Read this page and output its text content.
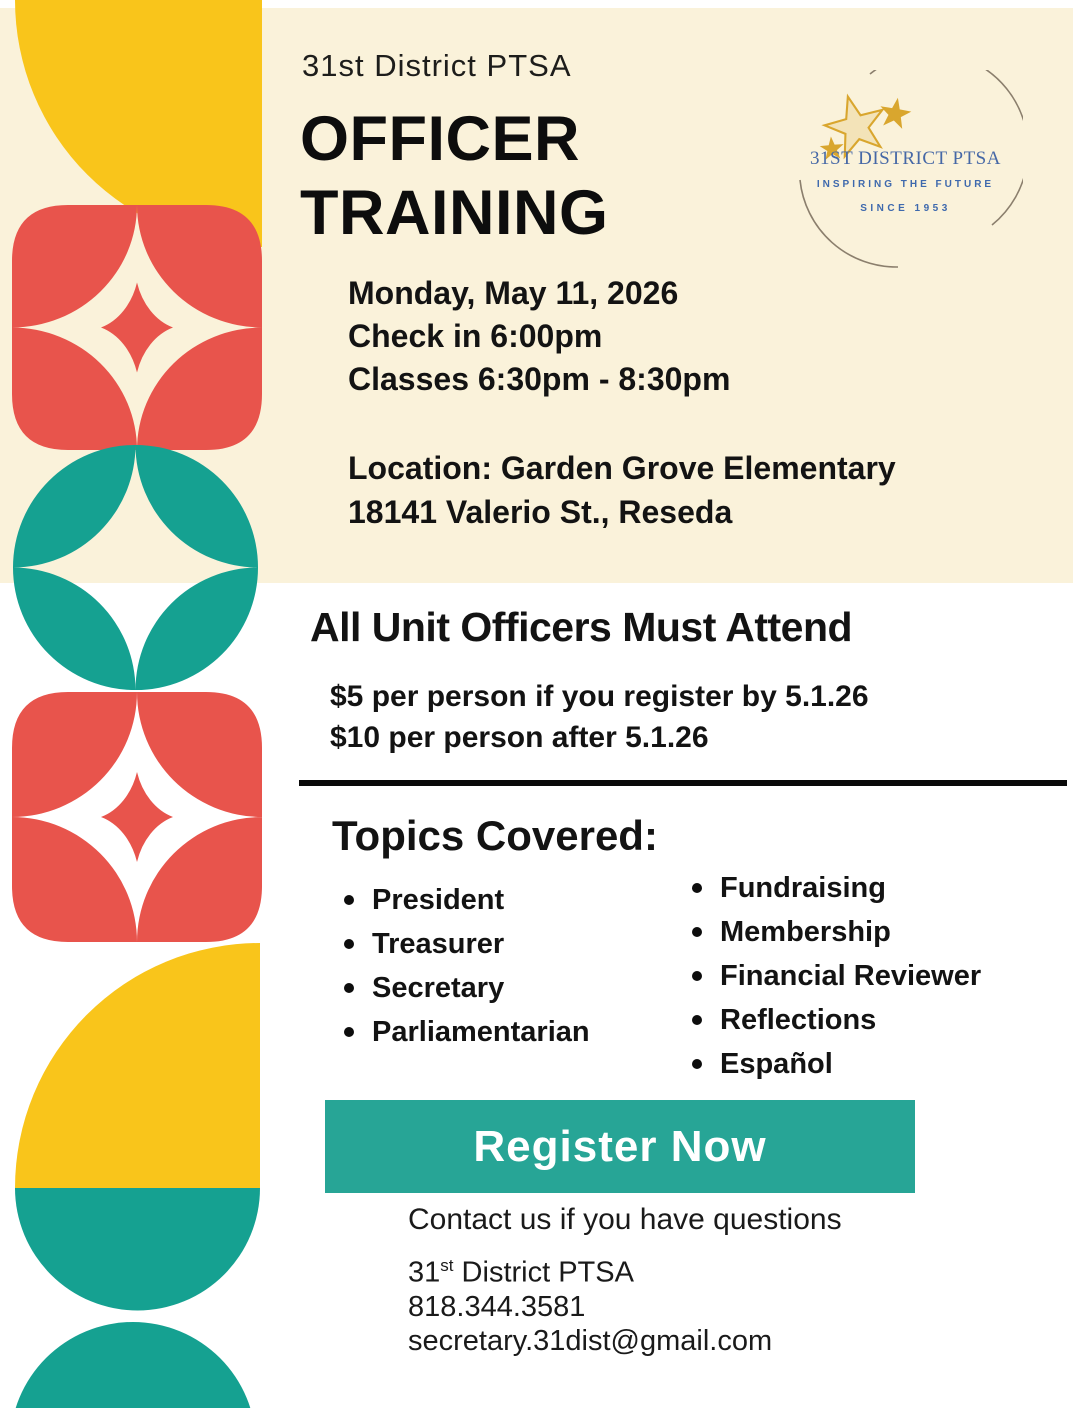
31st District PTSA
OFFICER
TRAINING
31ST DISTRICT PTSA
INSPIRING THE FUTURE
SINCE 1953
Monday, May 11, 2026
Check in 6:00pm
Classes 6:30pm - 8:30pm
Location: Garden Grove Elementary
18141 Valerio St., Reseda
All Unit Officers Must Attend
$5 per person if you register by 5.1.26
$10 per person after 5.1.26
Topics Covered:
President
Treasurer
Secretary
Parliamentarian
Fundraising
Membership
Financial Reviewer
Reflections
Español
Register Now
Contact us if you have questions
31st District PTSA
818.344.3581
secretary.31dist@gmail.com
